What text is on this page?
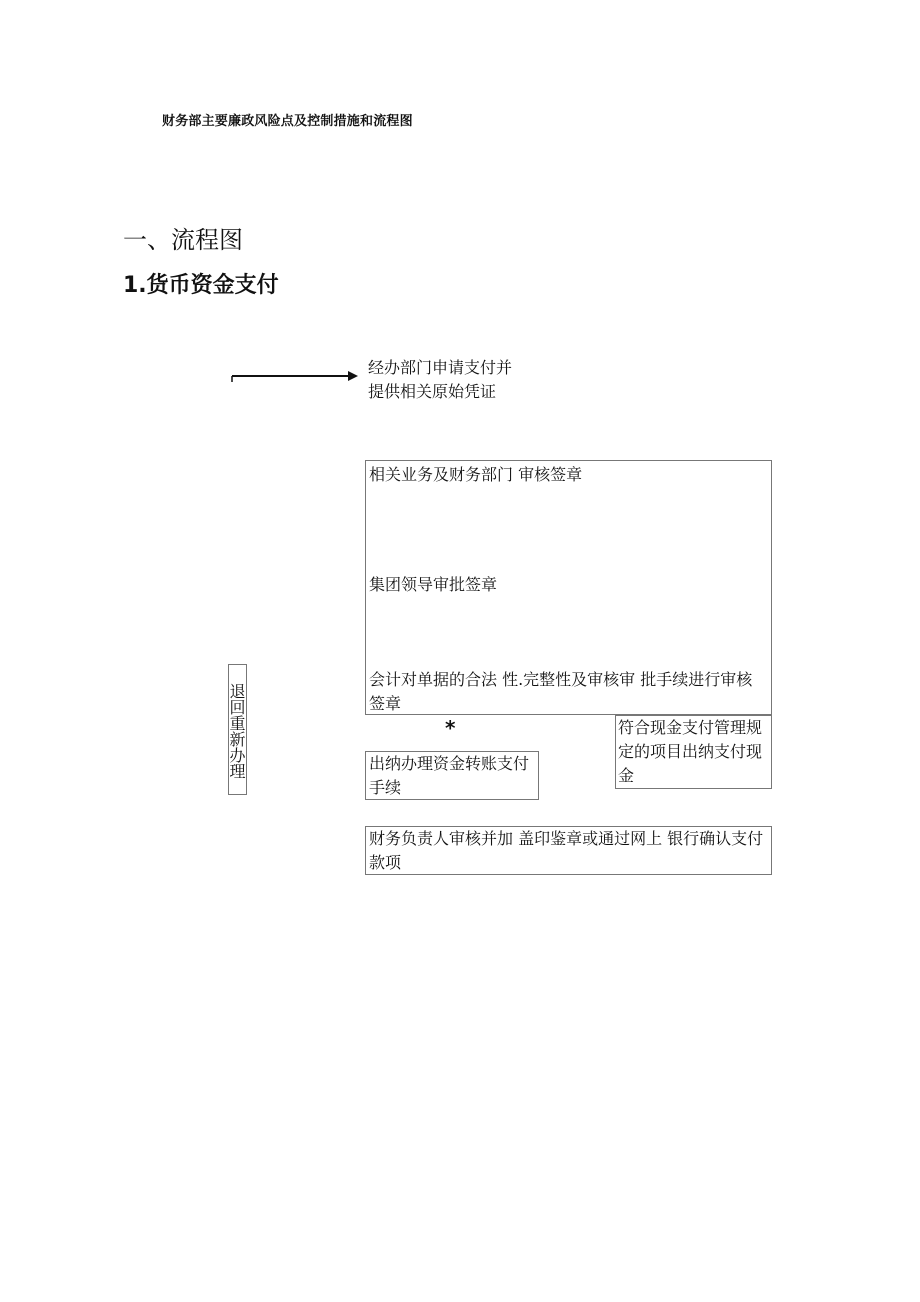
财务部主要廉政风险点及控制措施和流程图
一、流程图
1.货币资金支付
经办部门申请支付并
提供相关原始凭证
相关业务及财务部门 审核签章
集团领导审批签章
会计对单据的合法 性.完整性及审核审 批手续进行审核签章
*
出纳办理资金转账支付手续
符合现金支付管理规定的项目出纳支付现金
财务负责人审核并加 盖印鉴章或通过网上 银行确认支付款项
退回重新办理
